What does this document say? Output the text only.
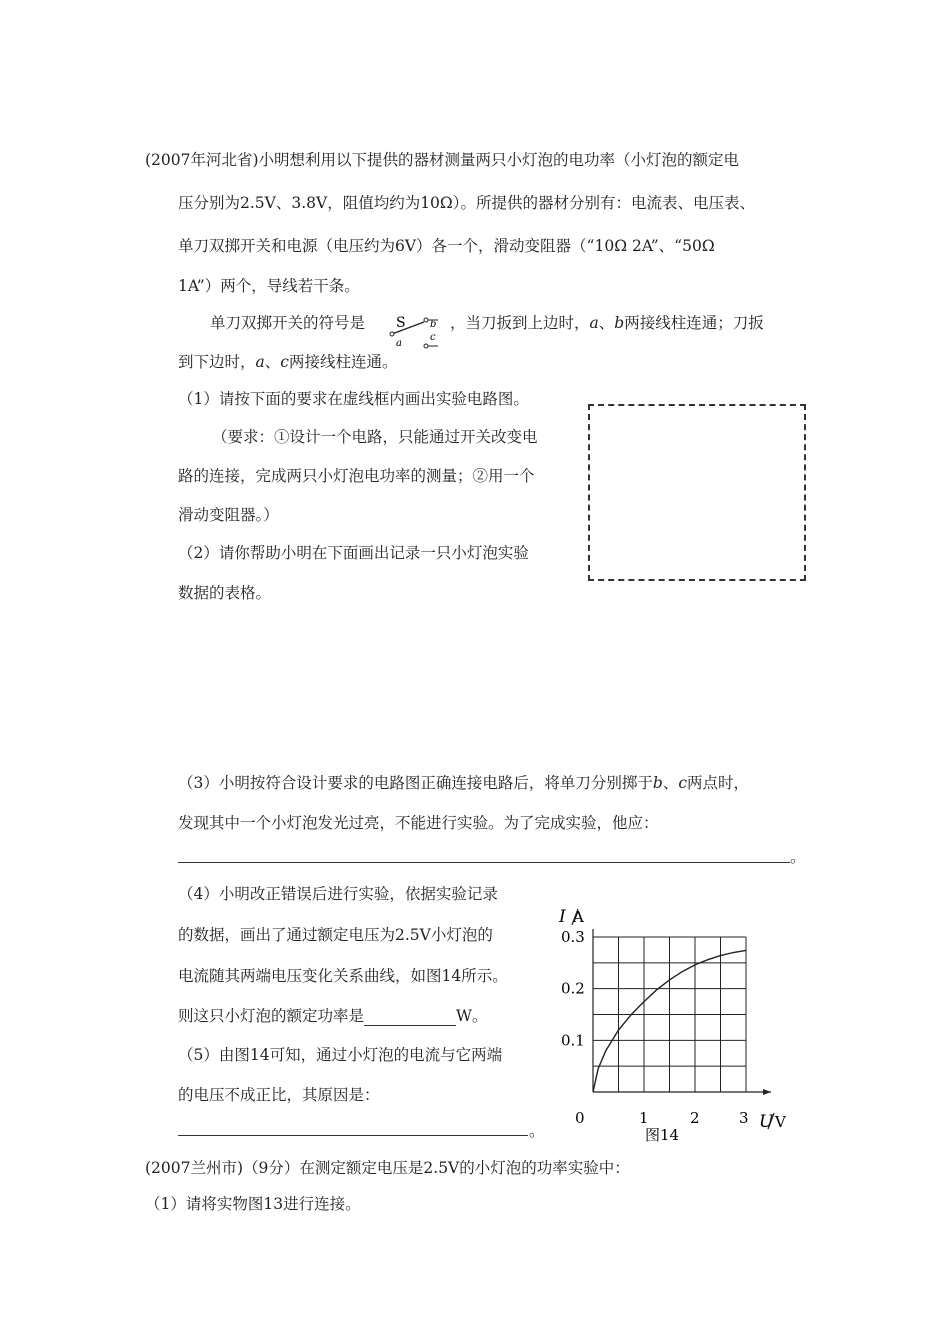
(2007年河北省)小明想利用以下提供的器材测量两只小灯泡的电功率（小灯泡的额定电
压分别为2.5V、3.8V，阻值均约为10Ω）。所提供的器材分别有：电流表、电压表、
单刀双掷开关和电源（电压约为6V）各一个，滑动变阻器（“10Ω 2A”、“50Ω
1A”）两个，导线若干条。
单刀双掷开关的符号是 S
a
b
c
，当刀扳到上边时，a、b两接线柱连通；刀扳
到下边时，a、c两接线柱连通。
（1）请按下面的要求在虚线框内画出实验电路图。
（要求：①设计一个电路，只能通过开关改变电
路的连接，完成两只小灯泡电功率的测量；②用一个
滑动变阻器。）
（2）请你帮助小明在下面画出记录一只小灯泡实验
数据的表格。
（3）小明按符合设计要求的电路图正确连接电路后，将单刀分别掷于b、c两点时，
发现其中一个小灯泡发光过亮，不能进行实验。为了完成实验，他应：
。
（4）小明改正错误后进行实验，依据实验记录
的数据，画出了通过额定电压为2.5V小灯泡的
电流随其两端电压变化关系曲线，如图14所示。
则这只小灯泡的额定功率是	W。
（5）由图14可知，通过小灯泡的电流与它两端
的电压不成正比，其原因是：
。
1	2	3
0.1
0.2
0.3
I A
U V
0
图14
(2007兰州市)（9分）在测定额定电压是2.5V的小灯泡的功率实验中：
（1）请将实物图13进行连接。
